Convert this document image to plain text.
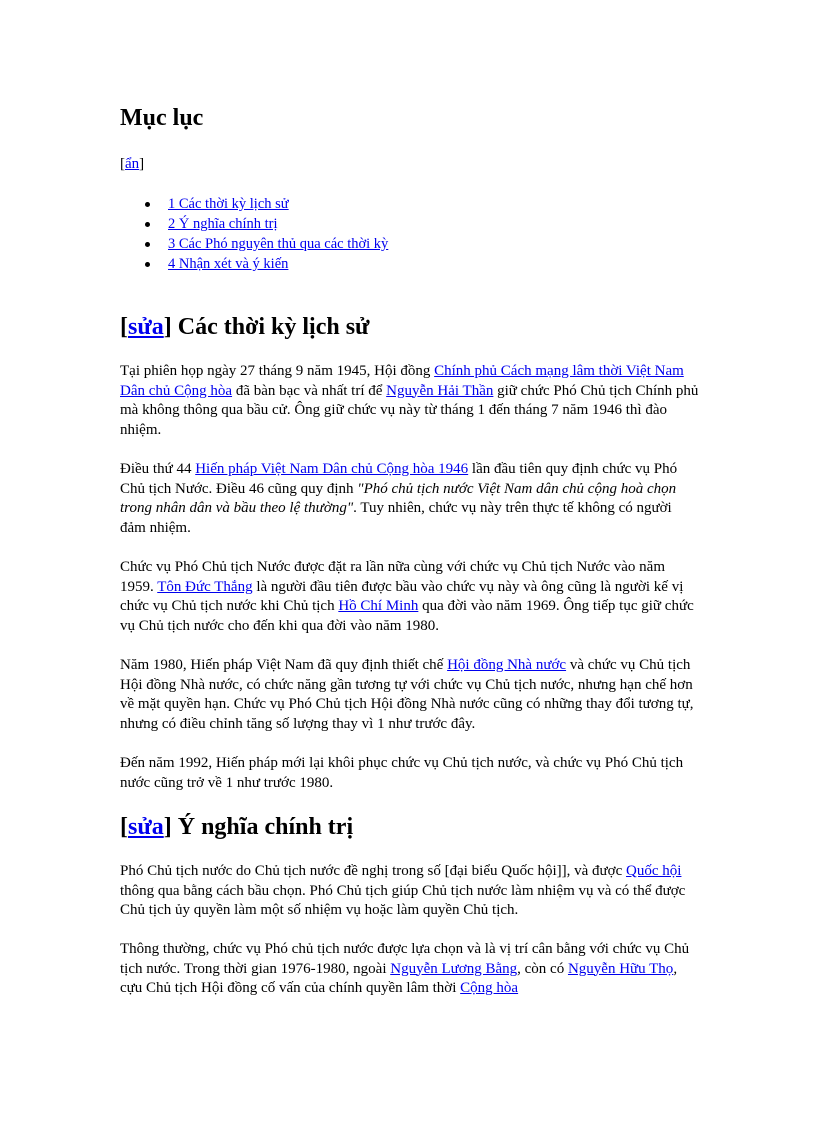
Mục lục
[ẩn]
1 Các thời kỳ lịch sử
2 Ý nghĩa chính trị
3 Các Phó nguyên thủ qua các thời kỳ
4 Nhận xét và ý kiến
[sửa] Các thời kỳ lịch sử

Tại phiên họp ngày 27 tháng 9 năm 1945, Hội đồng Chính phủ Cách mạng lâm thời Việt Nam Dân chủ Cộng hòa đã bàn bạc và nhất trí để Nguyễn Hải Thần giữ chức Phó Chủ tịch Chính phủ mà không thông qua bầu cử. Ông giữ chức vụ này từ tháng 1 đến tháng 7 năm 1946 thì đào nhiệm.

Điều thứ 44 Hiến pháp Việt Nam Dân chủ Cộng hòa 1946 lần đầu tiên quy định chức vụ Phó Chủ tịch Nước. Điều 46 cũng quy định "Phó chủ tịch nước Việt Nam dân chủ cộng hoà chọn trong nhân dân và bầu theo lệ thường". Tuy nhiên, chức vụ này trên thực tế không có người đảm nhiệm.

Chức vụ Phó Chủ tịch Nước được đặt ra lần nữa cùng với chức vụ Chủ tịch Nước vào năm 1959. Tôn Đức Thắng là người đầu tiên được bầu vào chức vụ này và ông cũng là người kế vị chức vụ Chủ tịch nước khi Chủ tịch Hồ Chí Minh qua đời vào năm 1969. Ông tiếp tục giữ chức vụ Chủ tịch nước cho đến khi qua đời vào năm 1980.

Năm 1980, Hiến pháp Việt Nam đã quy định thiết chế Hội đồng Nhà nước và chức vụ Chủ tịch Hội đồng Nhà nước, có chức năng gần tương tự với chức vụ Chủ tịch nước, nhưng hạn chế hơn về mặt quyền hạn. Chức vụ Phó Chủ tịch Hội đồng Nhà nước cũng có những thay đổi tương tự, nhưng có điều chỉnh tăng số lượng thay vì 1 như trước đây.

Đến năm 1992, Hiến pháp mới lại khôi phục chức vụ Chủ tịch nước, và chức vụ Phó Chủ tịch nước cũng trở về 1 như trước 1980.

[sửa] Ý nghĩa chính trị

Phó Chủ tịch nước do Chủ tịch nước đề nghị trong số [đại biểu Quốc hội]], và được Quốc hội thông qua bằng cách bầu chọn. Phó Chủ tịch giúp Chủ tịch nước làm nhiệm vụ và có thể được Chủ tịch ủy quyền làm một số nhiệm vụ hoặc làm quyền Chủ tịch.

Thông thường, chức vụ Phó chủ tịch nước được lựa chọn và là vị trí cân bằng với chức vụ Chủ tịch nước. Trong thời gian 1976-1980, ngoài Nguyễn Lương Bằng, còn có Nguyễn Hữu Thọ, cựu Chủ tịch Hội đồng cố vấn của chính quyền lâm thời Cộng hòa
